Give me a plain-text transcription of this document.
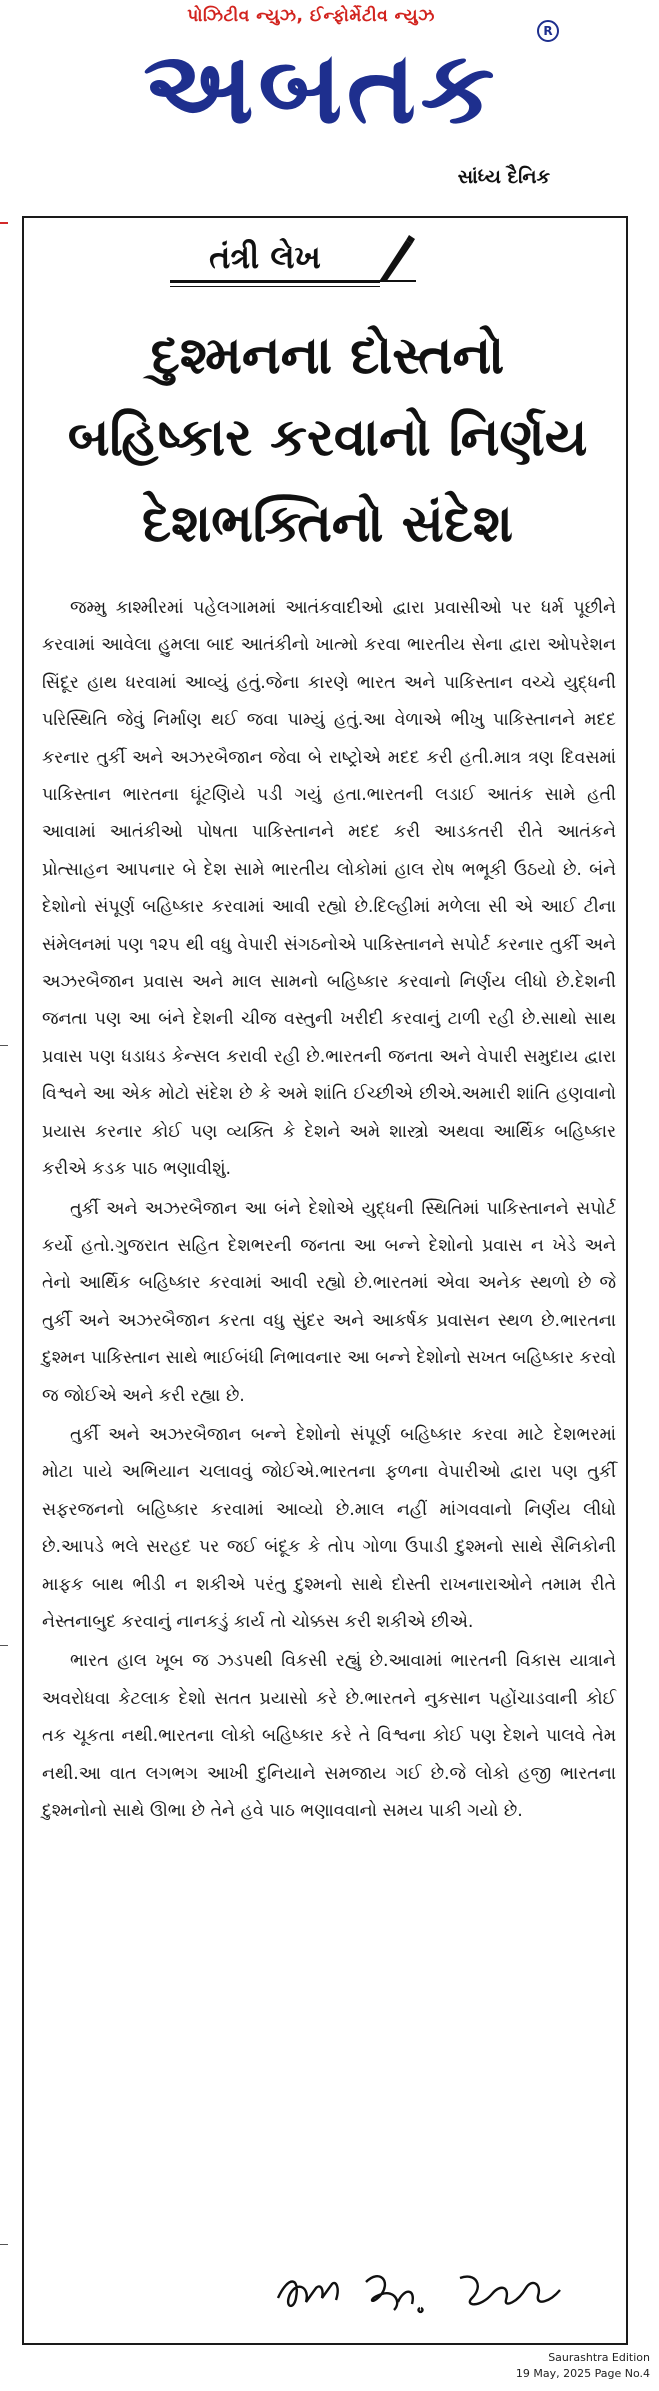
પોઝિટીવ ન્યુઝ, ઈન્ફોર્મેટીવ ન્યુઝ
અબતક	R
સાંધ્ય દૈનિક
તંત્રી લેખ
દુશ્મનના દોસ્તનો
બહિષ્કાર કરવાનો નિર્ણય
દેશભક્તિનો સંદેશ

જમ્મુ કાશ્મીરમાં પહેલગામમાં આતંકવાદીઓ દ્વારા પ્રવાસીઓ પર ધર્મ પૂછીને કરવામાં આવેલા હુમલા બાદ આતંકીનો ખાત્મો કરવા ભારતીય સેના દ્વારા ઓપરેશન સિંદૂર હાથ ધરવામાં આવ્યું હતું.જેના કારણે ભારત અને પાકિસ્તાન વચ્ચે યુદ્ધની પરિસ્થિતિ જેવું નિર્માણ થઈ જવા પામ્યું હતું.આ વેળાએ ભીખુ પાકિસ્તાનને મદદ કરનાર તુર્કી અને અઝરબૈજાન જેવા બે રાષ્ટ્રોએ મદદ કરી હતી.માત્ર ત્રણ દિવસમાં પાકિસ્તાન ભારતના ઘૂંટણિયે પડી ગયું હતા.ભારતની લડાઈ આતંક સામે હતી આવામાં આતંકીઓ પોષતા પાકિસ્તાનને મદદ કરી આડકતરી રીતે આતંકને પ્રોત્સાહન આપનાર બે દેશ સામે ભારતીય લોકોમાં હાલ રોષ ભભૂકી ઉઠયો છે. બંને દેશોનો સંપૂર્ણ બહિષ્કાર કરવામાં આવી રહ્યો છે.દિલ્હીમાં મળેલા સી એ આઈ ટીના સંમેલનમાં પણ ૧૨૫ થી વધુ વેપારી સંગઠનોએ પાકિસ્તાનને સપોર્ટ કરનાર તુર્કી અને અઝરબૈજાન પ્રવાસ અને માલ સામનો બહિષ્કાર કરવાનો નિર્ણય લીધો છે.દેશની જનતા પણ આ બંને દેશની ચીજ વસ્તુની ખરીદી કરવાનું ટાળી રહી છે.સાથો સાથ પ્રવાસ પણ ધડાધડ કેન્સલ કરાવી રહી છે.ભારતની જનતા અને વેપારી સમુદાય દ્વારા વિશ્વને આ એક મોટો સંદેશ છે કે અમે શાંતિ ઈચ્છીએ છીએ.અમારી શાંતિ હણવાનો પ્રયાસ કરનાર કોઈ પણ વ્યક્તિ કે દેશને અમે શાસ્ત્રો અથવા આર્થિક બહિષ્કાર કરીએ કડક પાઠ ભણાવીશું.

તુર્કી અને અઝરબૈજાન આ બંને દેશોએ યુદ્ધની સ્થિતિમાં પાકિસ્તાનને સપોર્ટ કર્યો હતો.ગુજરાત સહિત દેશભરની જનતા આ બન્ને દેશોનો પ્રવાસ ન ખેડે અને તેનો આર્થિક બહિષ્કાર કરવામાં આવી રહ્યો છે.ભારતમાં એવા અનેક સ્થળો છે જે તુર્કી અને અઝરબૈજાન કરતા વધુ સુંદર અને આકર્ષક પ્રવાસન સ્થળ છે.ભારતના દુશ્મન પાકિસ્તાન સાથે ભાઈબંધી નિભાવનાર આ બન્ને દેશોનો સખત બહિષ્કાર કરવો જ જોઈએ અને કરી રહ્યા છે.

તુર્કી અને અઝરબૈજાન બન્ને દેશોનો સંપૂર્ણ બહિષ્કાર કરવા માટે દેશભરમાં મોટા પાયે અભિયાન ચલાવવું જોઈએ.ભારતના ફળના વેપારીઓ દ્વારા પણ તુર્કી સફરજનનો બહિષ્કાર કરવામાં આવ્યો છે.માલ નહીં માંગવવાનો નિર્ણય લીધો છે.આપડે ભલે સરહદ પર જઈ બંદૂક કે તોપ ગોળા ઉપાડી દુશ્મનો સાથે સૈનિકોની માફક બાથ ભીડી ન શકીએ પરંતુ દુશ્મનો સાથે દોસ્તી રાખનારાઓને તમામ રીતે નેસ્તનાબુદ કરવાનું નાનકડું કાર્ય તો ચોક્કસ કરી શકીએ છીએ.

ભારત હાલ ખૂબ જ ઝડપથી વિકસી રહ્યું છે.આવામાં ભારતની વિકાસ યાત્રાને અવરોધવા કેટલાક દેશો સતત પ્રયાસો કરે છે.ભારતને નુકસાન પહોંચાડવાની કોઈ તક ચૂકતા નથી.ભારતના લોકો બહિષ્કાર કરે તે વિશ્વના કોઈ પણ દેશને પાલવે તેમ નથી.આ વાત લગભગ આખી દુનિયાને સમજાય ગઈ છે.જે લોકો હજી ભારતના દુશ્મનોનો સાથે ઊભા છે તેને હવે પાઠ ભણાવવાનો સમય પાકી ગયો છે.

સતીશ કે. મહેતા
Saurashtra Edition
19 May, 2025 Page No.4
